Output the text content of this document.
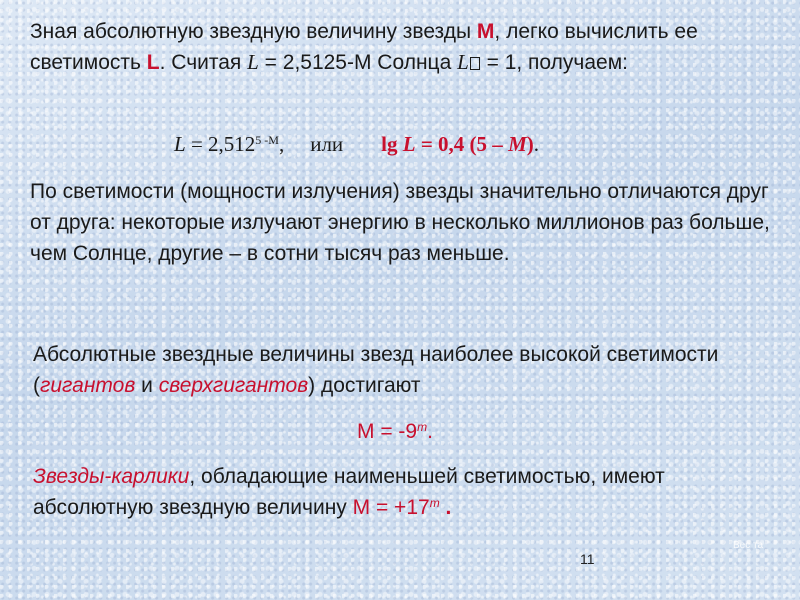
Зная абсолютную звездную величину звезды M, легко вычислить ее светимость L. Считая L = 2,5125-М Солнца L = 1, получаем:
$L = 2,512^{5 -M}$, или lg L = 0,4 (5 – M).
По светимости (мощности излучения) звезды значительно отличаются друг от друга: некоторые излучают энергию в несколько миллионов раз больше, чем Солнце, другие – в сотни тысяч раз меньше.
Абсолютные звездные величины звезд наиболее высокой светимости (гигантов и сверхгигантов) достигают
$M = -9^m$.
Звезды-карлики, обладающие наименьшей светимостью, имеют абсолютную звездную величину $M = +17^m$ .
11
Вес та
